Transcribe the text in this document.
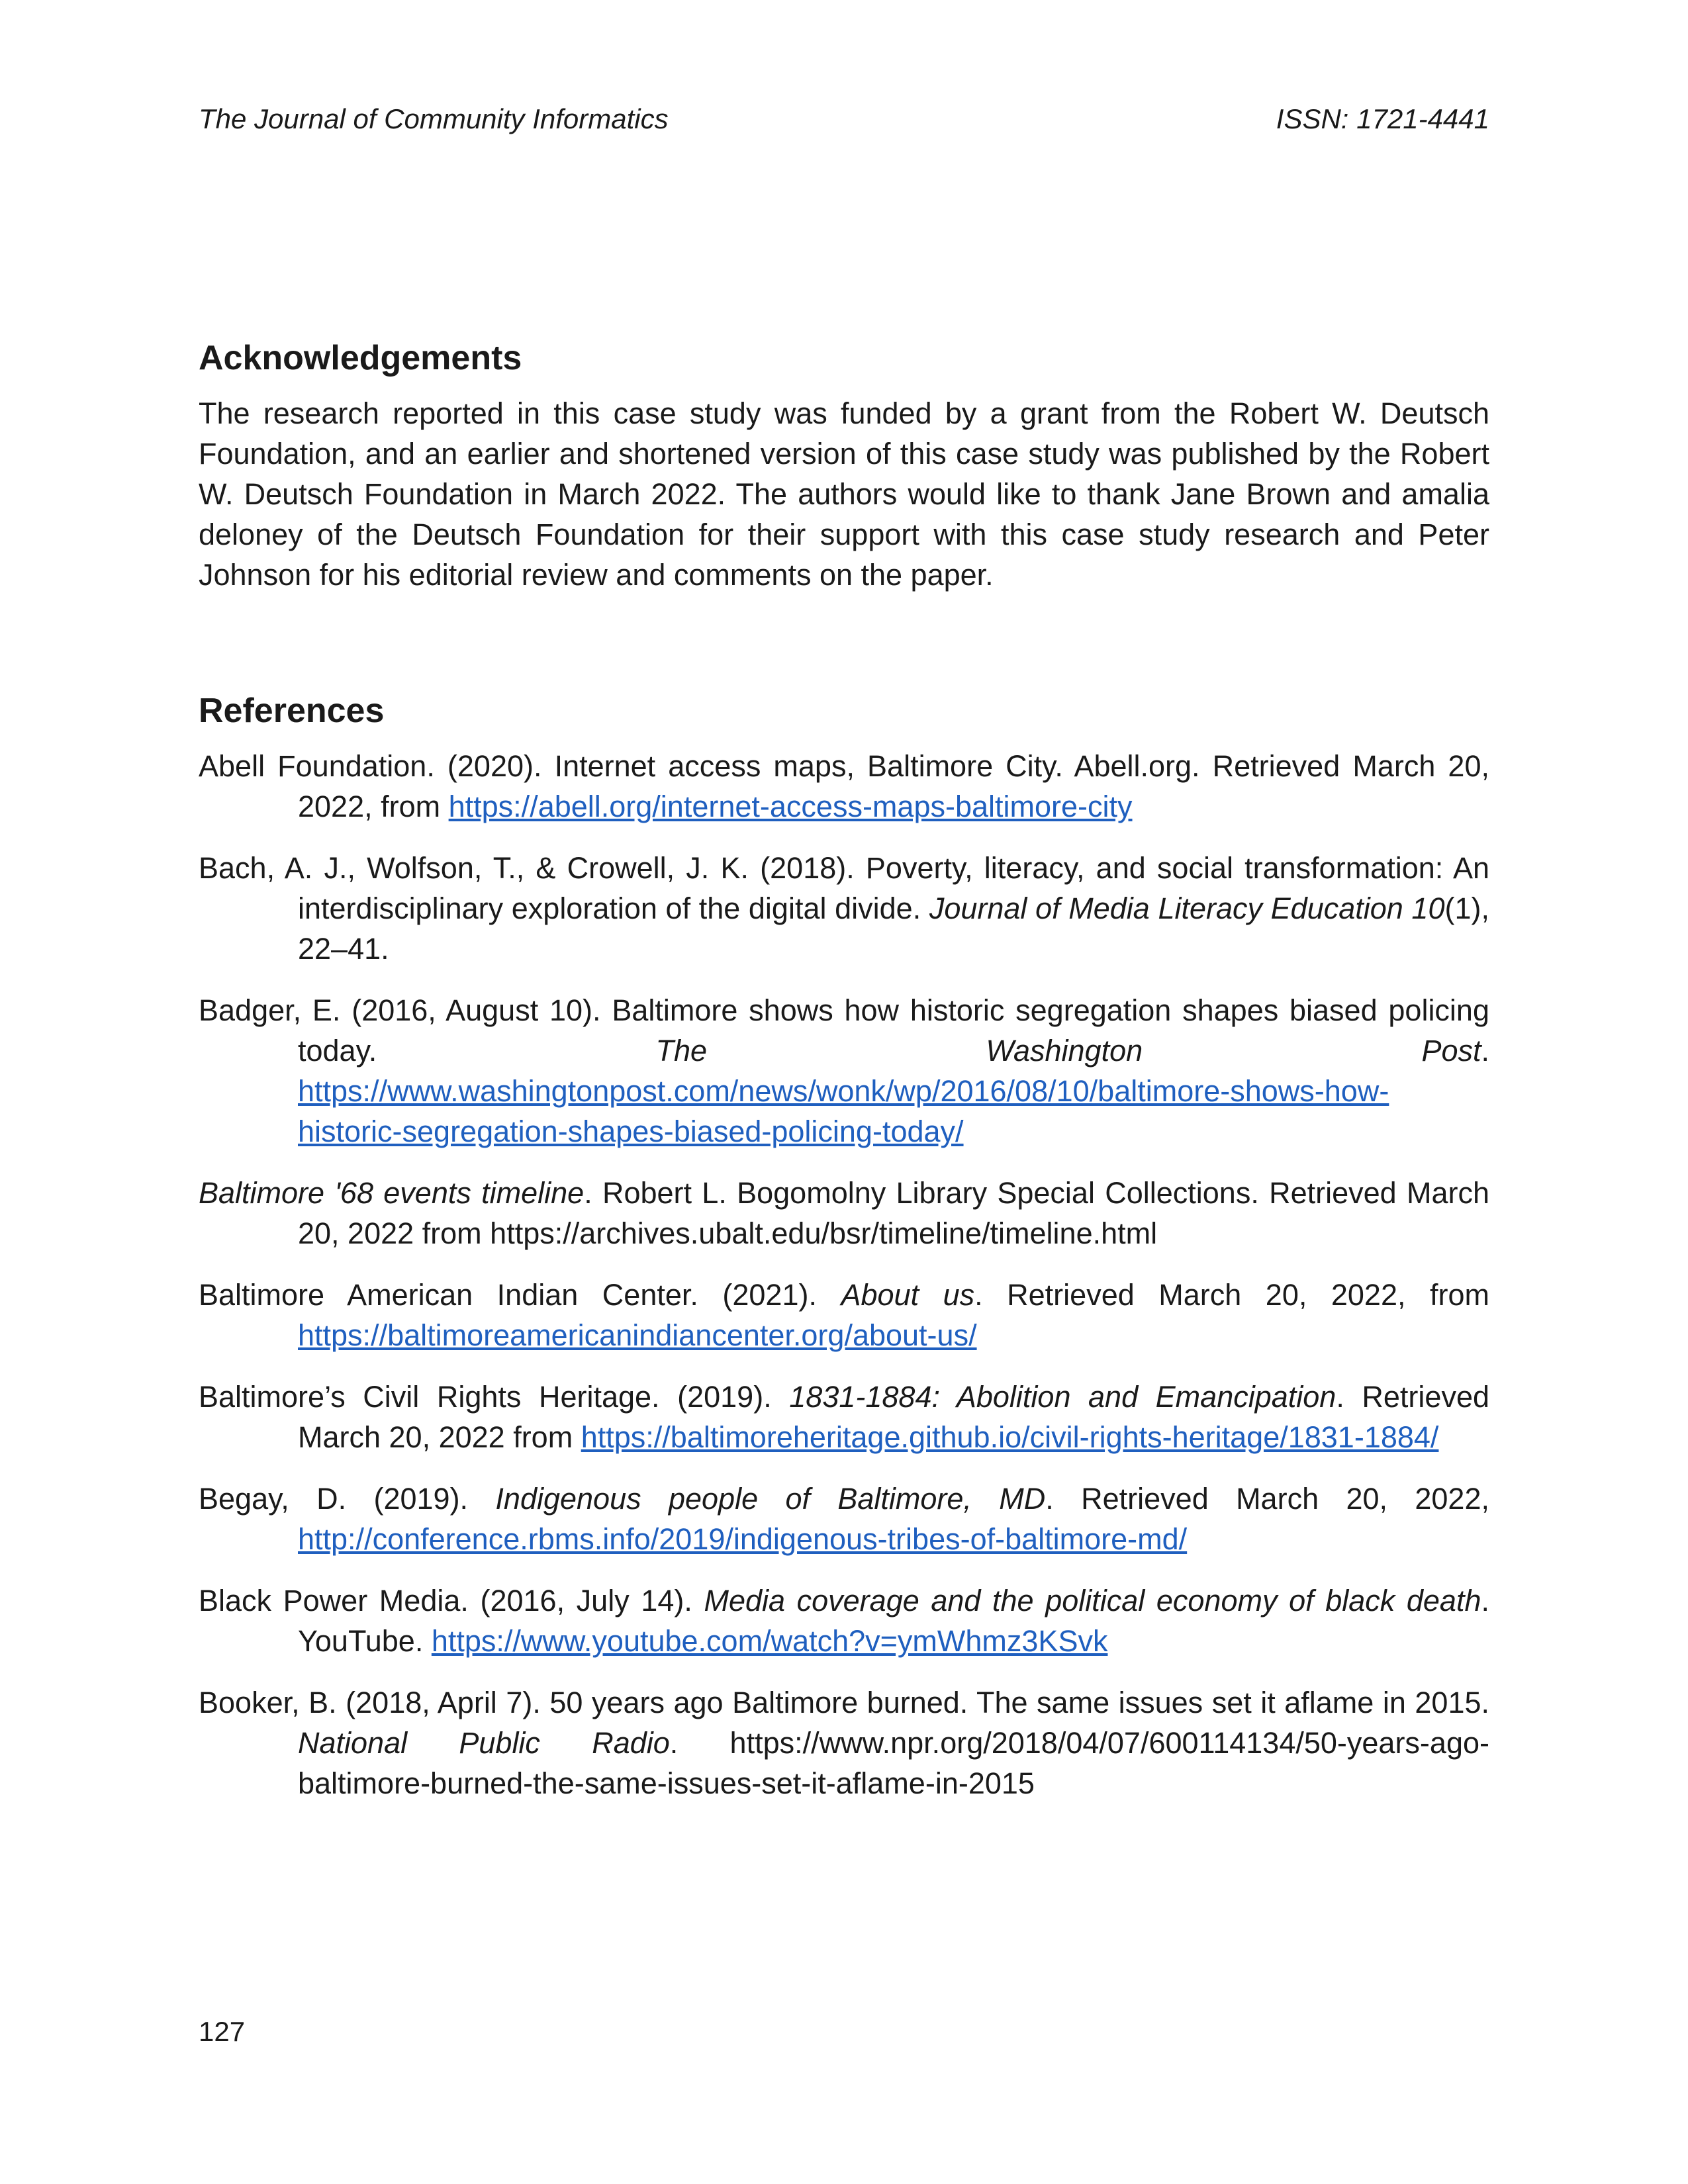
The Journal of Community Informatics	ISSN: 1721-4441
Acknowledgements

The research reported in this case study was funded by a grant from the Robert W. Deutsch Foundation, and an earlier and shortened version of this case study was published by the Robert W. Deutsch Foundation in March 2022. The authors would like to thank Jane Brown and amalia deloney of the Deutsch Foundation for their support with this case study research and Peter Johnson for his editorial review and comments on the paper.

References
Abell Foundation. (2020). Internet access maps, Baltimore City. Abell.org. Retrieved March 20, 2022, from https://abell.org/internet-access-maps-baltimore-city
Bach, A. J., Wolfson, T., & Crowell, J. K. (2018). Poverty, literacy, and social transformation: An interdisciplinary exploration of the digital divide. Journal of Media Literacy Education 10(1), 22–41.
Badger, E. (2016, August 10). Baltimore shows how historic segregation shapes biased policing today. The Washington Post. https://www.washingtonpost.com/news/wonk/wp/2016/08/10/baltimore-shows-how-historic-segregation-shapes-biased-policing-today/
Baltimore '68 events timeline. Robert L. Bogomolny Library Special Collections. Retrieved March 20, 2022 from https://archives.ubalt.edu/bsr/timeline/timeline.html
Baltimore American Indian Center. (2021). About us. Retrieved March 20, 2022, from https://baltimoreamericanindiancenter.org/about-us/
Baltimore’s Civil Rights Heritage. (2019). 1831-1884: Abolition and Emancipation. Retrieved March 20, 2022 from https://baltimoreheritage.github.io/civil-rights-heritage/1831-1884/
Begay, D. (2019). Indigenous people of Baltimore, MD. Retrieved March 20, 2022, http://conference.rbms.info/2019/indigenous-tribes-of-baltimore-md/
Black Power Media. (2016, July 14). Media coverage and the political economy of black death. YouTube. https://www.youtube.com/watch?v=ymWhmz3KSvk
Booker, B. (2018, April 7). 50 years ago Baltimore burned. The same issues set it aflame in 2015. National Public Radio. https://www.npr.org/2018/04/07/600114134/50-years-ago-baltimore-burned-the-same-issues-set-it-aflame-in-2015
127
